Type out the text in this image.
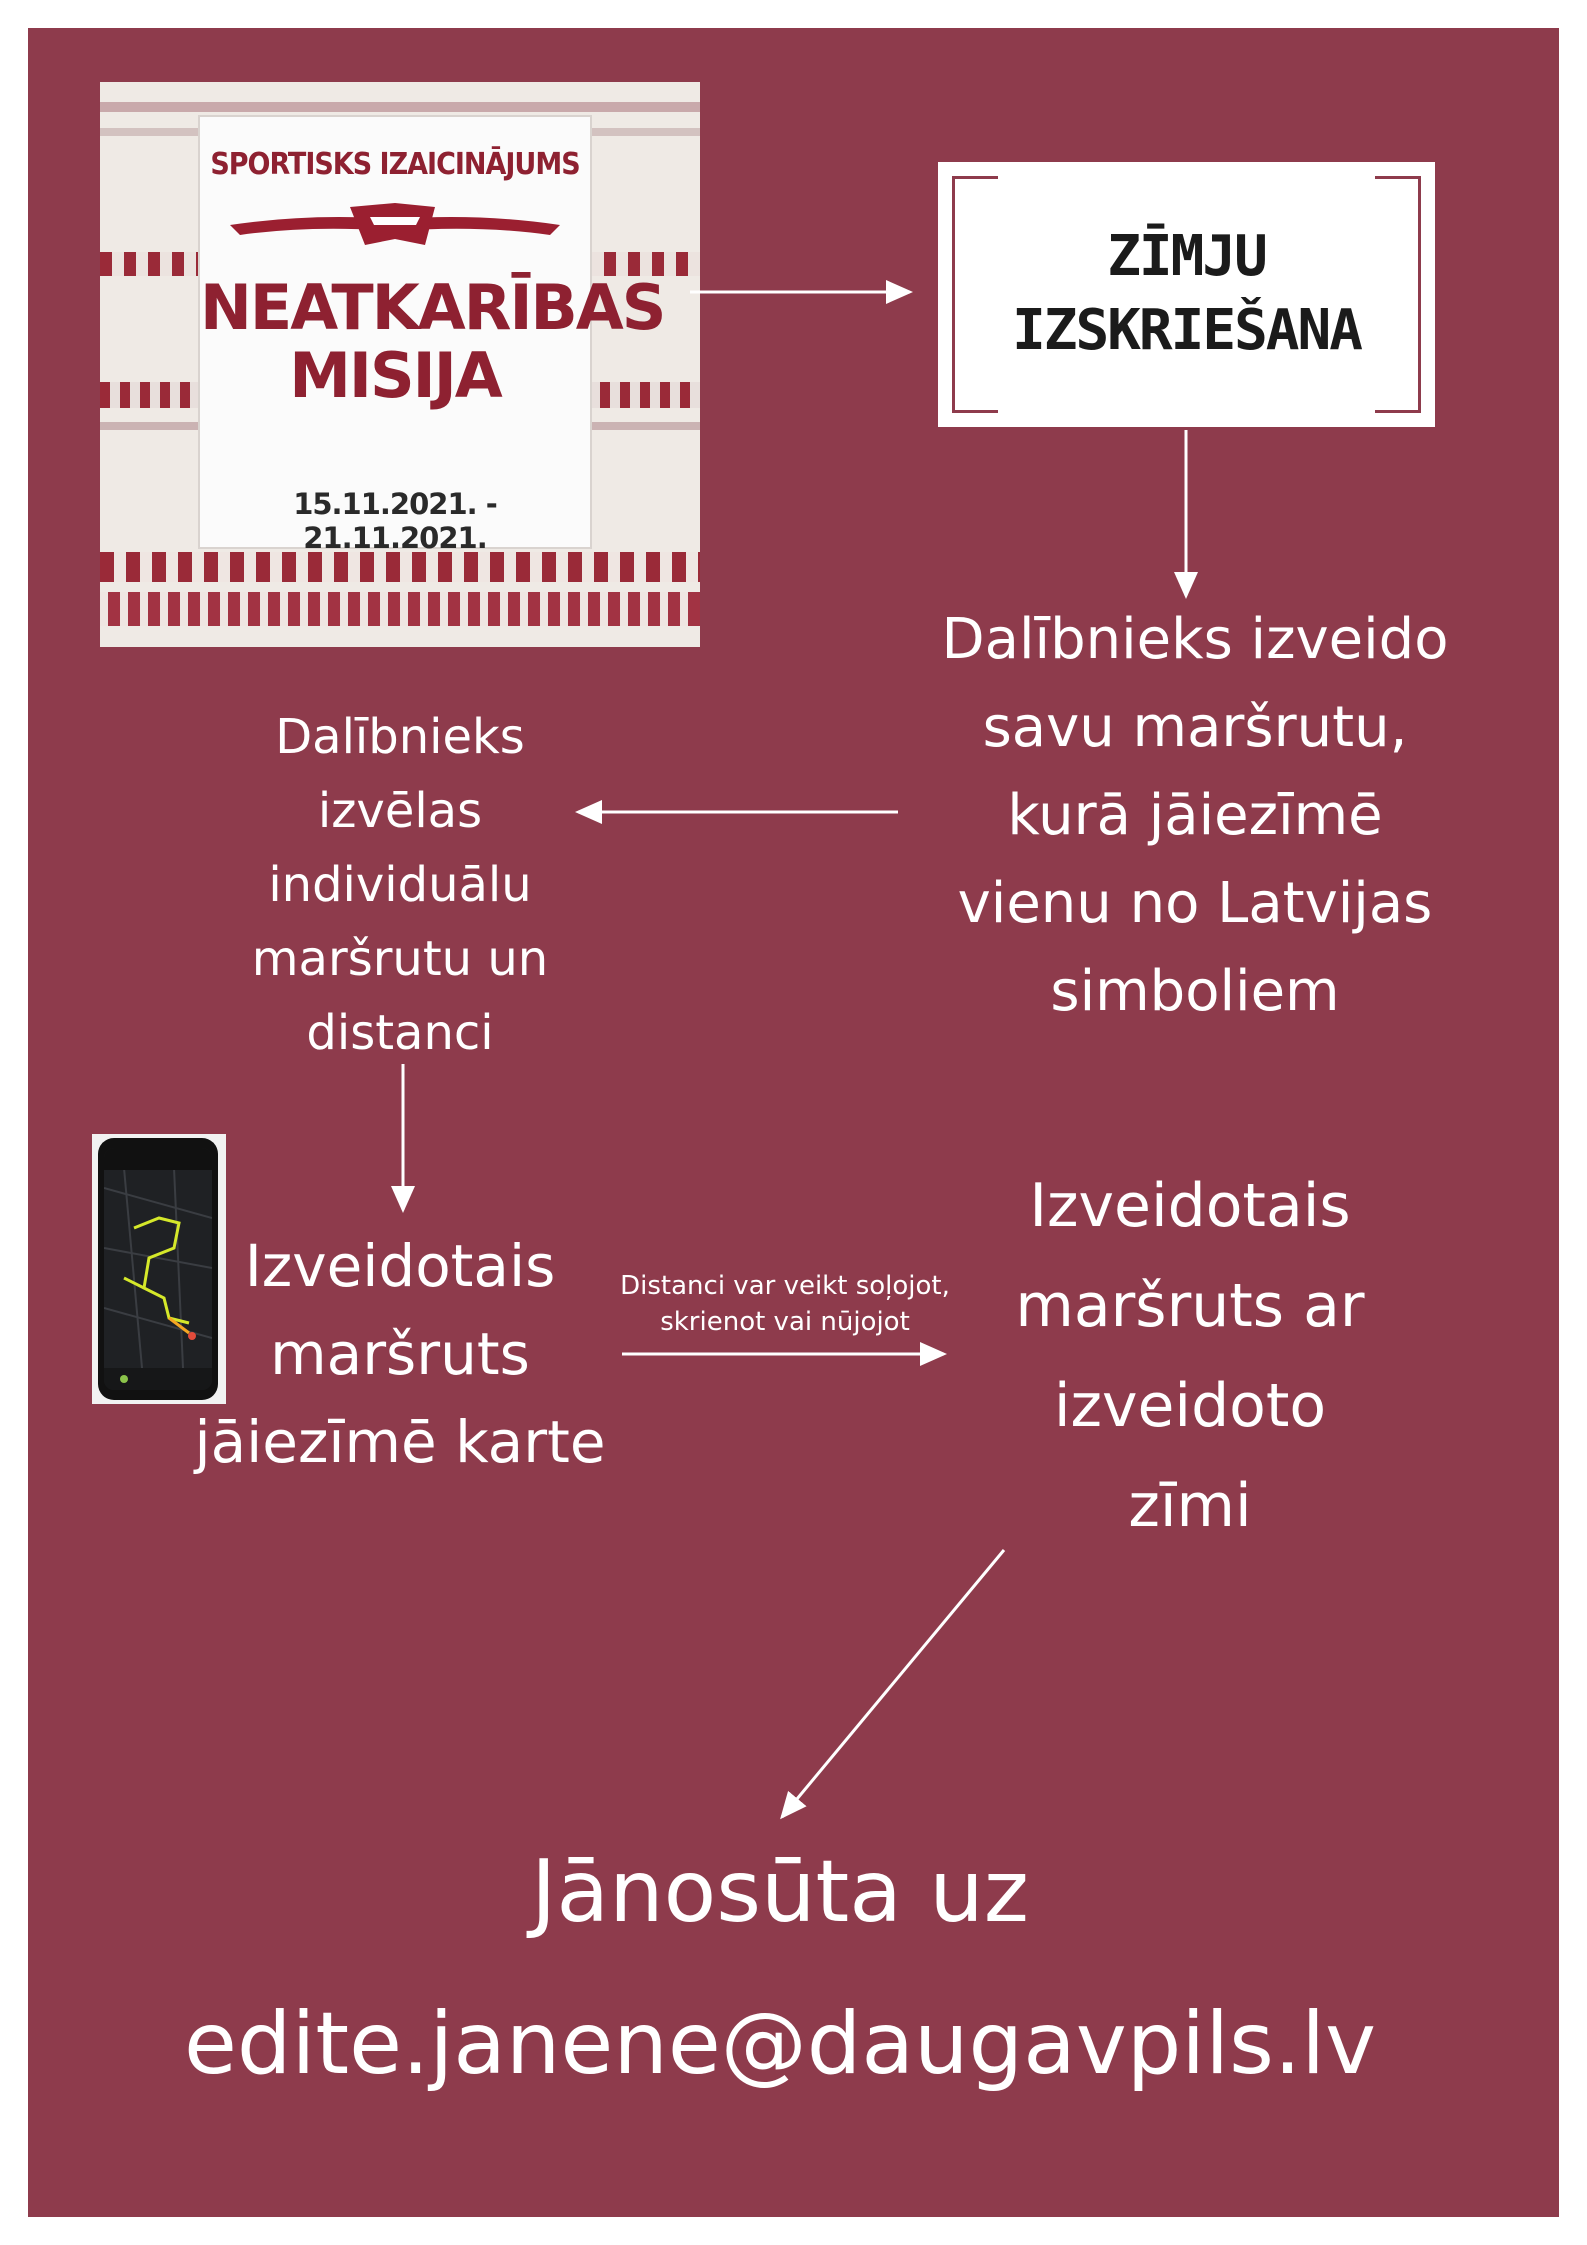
SPORTISKS IZAICINĀJUMS
NEATKARĪBAS
MISIJA
15.11.2021. - 21.11.2021.
ZĪMJU
IZSKRIEŠANA
Dalībnieks izveido
savu maršrutu,
kurā jāiezīmē
vienu no Latvijas
simboliem
Dalībnieks
izvēlas
individuālu
maršrutu un
distanci
Izveidotais
maršruts
jāiezīmē karte
Distanci var veikt soļojot,
skrienot vai nūjojot
Izveidotais
maršruts ar
izveidoto
zīmi
Jānosūta uz
edite.janene@daugavpils.lv
